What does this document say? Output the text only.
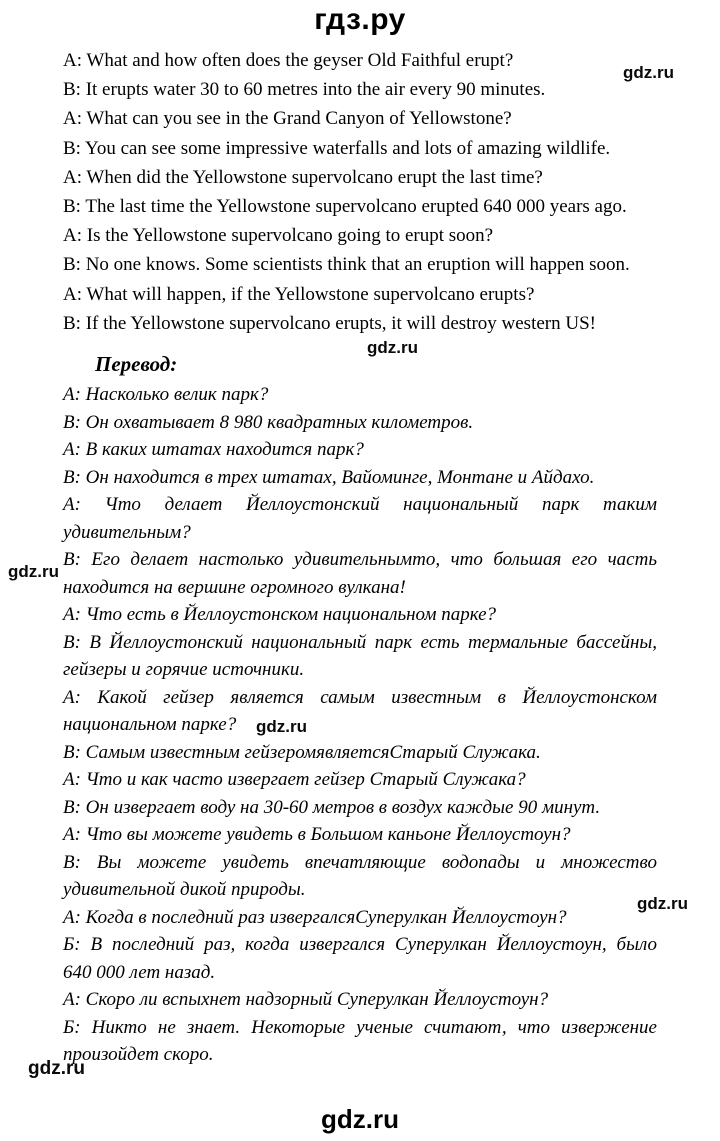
гдз.ру
gdz.ru
A: What and how often does the geyser Old Faithful erupt?
B: It erupts water 30 to 60 metres into the air every 90 minutes.
A: What can you see in the Grand Canyon of Yellowstone?
B: You can see some impressive waterfalls and lots of amazing wildlife.
A: When did the Yellowstone supervolcano erupt the last time?
B: The last time the Yellowstone supervolcano erupted 640 000 years ago.
A: Is the Yellowstone supervolcano going to erupt soon?
B: No one knows. Some scientists think that an eruption will happen soon.
A: What will happen, if the Yellowstone supervolcano erupts?
B: If the Yellowstone supervolcano erupts, it will destroy western US!
gdz.ru
Перевод:
А: Насколько велик парк?
В: Он охватывает 8 980 квадратных километров.
А: В каких штатах находится парк?
В: Он находится в трех штатах, Вайоминге, Монтане и Айдахо.
А: Что делает Йеллоустонский национальный парк таким
удивительным?
В: Его делает настолько удивительнымто, что большая его часть
находится на вершине огромного вулкана!
А: Что есть в Йеллоустонском национальном парке?
В: В Йеллоустонский национальный парк есть термальные бассейны,
гейзеры и горячие источники.
А: Какой гейзер является самым известным в Йеллоустонском
национальном парке?
В: Самым известным гейзеромявляетсяСтарый Служака.
А: Что и как часто извергает гейзер Старый Служака?
В: Он извергает воду на 30-60 метров в воздух каждые 90 минут.
А: Что вы можете увидеть в Большом каньоне Йеллоустоун?
В: Вы можете увидеть впечатляющие водопады и множество
удивительной дикой природы.
А: Когда в последний раз извергалсяСуперулкан Йеллоустоун?
Б: В последний раз, когда извергался Суперулкан Йеллоустоун, было
640 000 лет назад.
А: Скоро ли вспыхнет надзорный Суперулкан Йеллоустоун?
Б: Никто не знает. Некоторые ученые считают, что извержение
произойдет скоро.
gdz.ru
gdz.ru
gdz.ru
gdz.ru
gdz.ru
